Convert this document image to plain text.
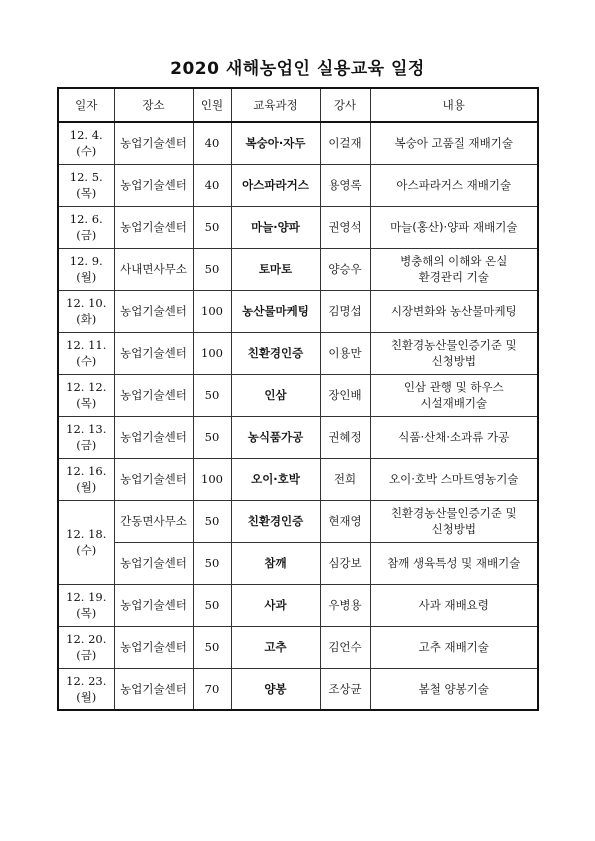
2020 새해농업인 실용교육 일정
일자	장소	인원	교육과정	강사	내용

12. 4.
(수)	농업기술센터	40	복숭아·자두	이걸재	복숭아 고품질 재배기술

12. 5.
(목)	농업기술센터	40	아스파라거스	용영록	아스파라거스 재배기술

12. 6.
(금)	농업기술센터	50	마늘·양파	권영석	마늘(홍산)·양파 재배기술

12. 9.
(월)	사내면사무소	50	토마토	양승우	병충해의 이해와 온실
환경관리 기술

12. 10.
(화)	농업기술센터	100	농산물마케팅	김명섭	시장변화와 농산물마케팅

12. 11.
(수)	농업기술센터	100	친환경인증	이용만	친환경농산물인증기준 및
신청방법

12. 12.
(목)	농업기술센터	50	인삼	장인배	인삼 관행 및 하우스
시설재배기술

12. 13.
(금)	농업기술센터	50	농식품가공	권혜정	식품·산채·소과류 가공

12. 16.
(월)	농업기술센터	100	오이·호박	전희	오이·호박 스마트영농기술

12. 18.
(수)	간동면사무소	50	친환경인증	현재영	친환경농산물인증기준 및
신청방법

	농업기술센터	50	참깨	심강보	참깨 생육특성 및 재배기술

12. 19.
(목)	농업기술센터	50	사과	우병용	사과 재배요령

12. 20.
(금)	농업기술센터	50	고추	김언수	고추 재배기술

12. 23.
(월)	농업기술센터	70	양봉	조상균	봄철 양봉기술
